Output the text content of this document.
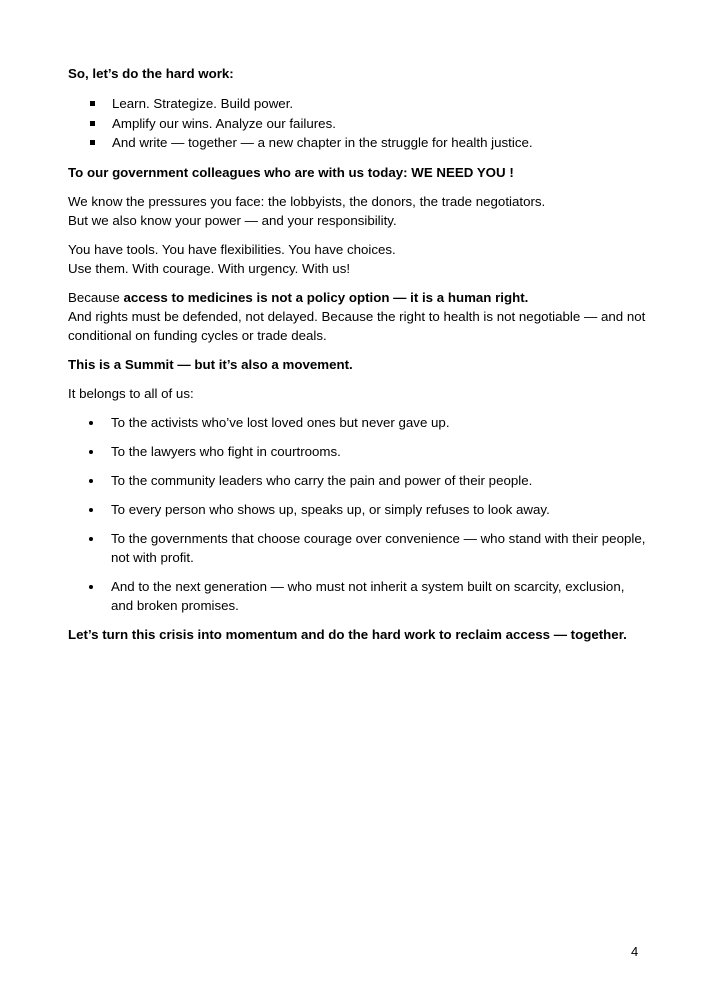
So, let’s do the hard work:

Learn. Strategize. Build power.
Amplify our wins. Analyze our failures.
And write — together — a new chapter in the struggle for health justice.

To our government colleagues who are with us today: WE NEED YOU !

We know the pressures you face: the lobbyists, the donors, the trade negotiators.
But we also know your power — and your responsibility.

You have tools. You have flexibilities. You have choices.
Use them. With courage. With urgency. With us!

Because access to medicines is not a policy option — it is a human right.
And rights must be defended, not delayed. Because the right to health is not negotiable — and not conditional on funding cycles or trade deals.

This is a Summit — but it’s also a movement.

It belongs to all of us:

To the activists who’ve lost loved ones but never gave up.
To the lawyers who fight in courtrooms.
To the community leaders who carry the pain and power of their people.
To every person who shows up, speaks up, or simply refuses to look away.
To the governments that choose courage over convenience — who stand with their people, not with profit.
And to the next generation — who must not inherit a system built on scarcity, exclusion, and broken promises.

Let’s turn this crisis into momentum and do the hard work to reclaim access — together.

4
